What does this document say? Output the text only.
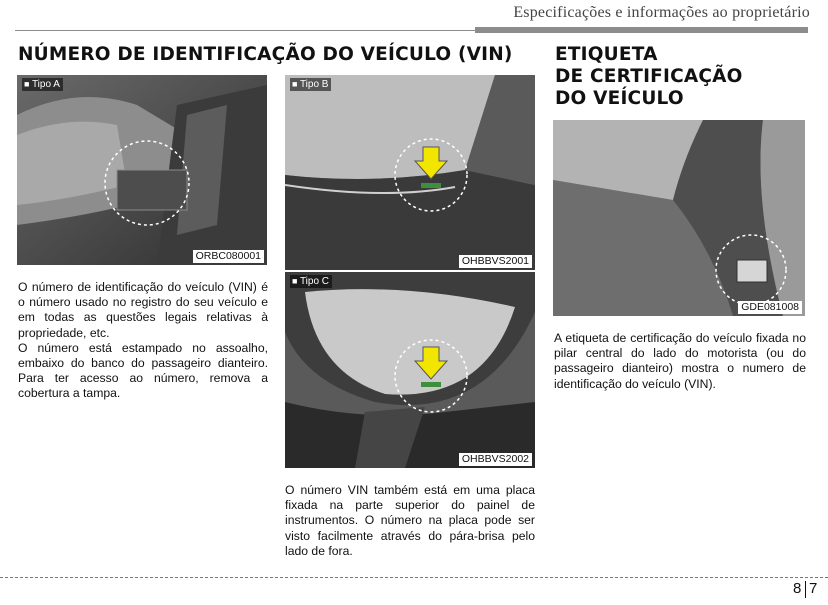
Especificações e informações ao proprietário
NÚMERO DE IDENTIFICAÇÃO DO VEÍCULO (VIN) ETIQUETA
DE CERTIFICAÇÃO
DO VEÍCULO
■ Tipo A
ORBC080001
■ Tipo B
OHBBVS2001
■ Tipo C
OHBBVS2002
GDE081008

O número de identificação do veículo (VIN) é o número usado no registro do seu veículo e em todas as questões legais relativas à propriedade, etc.

O número está estampado no assoalho, embaixo do banco do passageiro dianteiro. Para ter acesso ao número, remova a cobertura a tampa.

O número VIN também está em uma placa fixada na parte superior do painel de instrumentos. O número na placa pode ser visto facilmente através do pára-brisa pelo lado de fora.

A etiqueta de certificação do veículo fixada no pilar central do lado do motorista (ou do passageiro dianteiro) mostra o numero de identificação do veículo (VIN).

8 7
